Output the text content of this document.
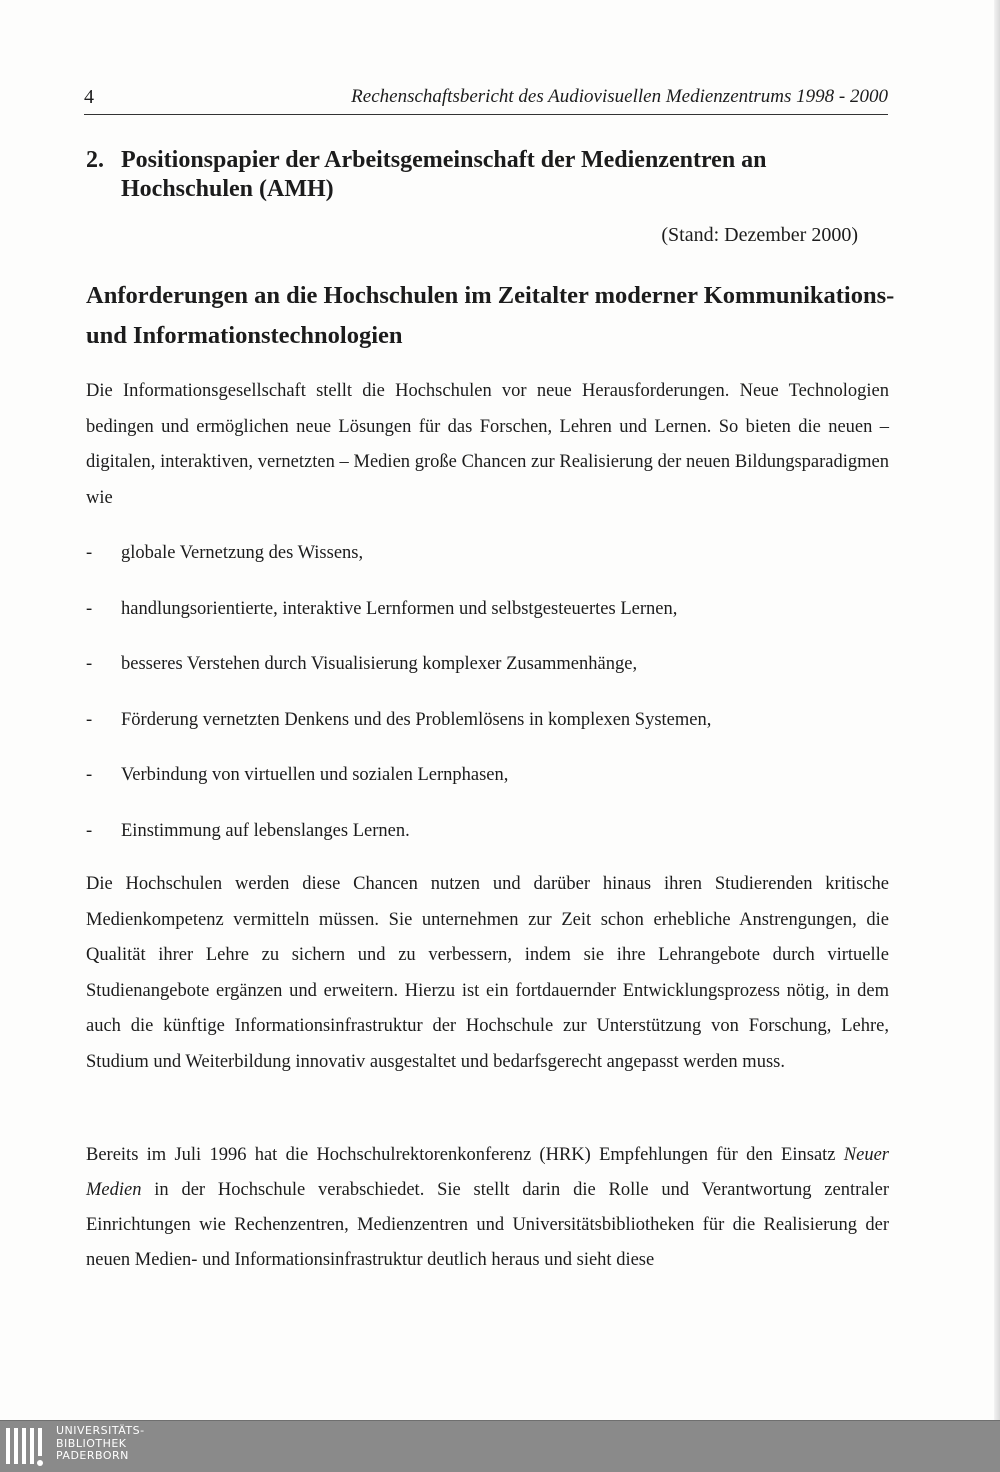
4	Rechenschaftsbericht des Audiovisuellen Medienzentrums 1998 - 2000
2. Positionspapier der Arbeitsgemeinschaft der Medienzentren an
Hochschulen (AMH)
(Stand: Dezember 2000)
Anforderungen an die Hochschulen im Zeitalter moderner Kommunikations-
und Informationstechnologien

Die Informationsgesellschaft stellt die Hochschulen vor neue Herausforderungen. Neue Technologien bedingen und ermöglichen neue Lösungen für das Forschen, Lehren und Lernen. So bieten die neuen – digitalen, interaktiven, vernetzten – Medien große Chancen zur Realisierung der neuen Bildungsparadigmen wie

- globale Vernetzung des Wissens,
- handlungsorientierte, interaktive Lernformen und selbstgesteuertes Lernen,
- besseres Verstehen durch Visualisierung komplexer Zusammenhänge,
- Förderung vernetzten Denkens und des Problemlösens in komplexen Systemen,
- Verbindung von virtuellen und sozialen Lernphasen,
- Einstimmung auf lebenslanges Lernen.

Die Hochschulen werden diese Chancen nutzen und darüber hinaus ihren Studierenden kritische Medienkompetenz vermitteln müssen. Sie unternehmen zur Zeit schon erhebliche Anstrengungen, die Qualität ihrer Lehre zu sichern und zu verbessern, indem sie ihre Lehrangebote durch virtuelle Studienangebote ergänzen und erweitern. Hierzu ist ein fortdauernder Entwicklungsprozess nötig, in dem auch die künftige Informationsinfrastruktur der Hochschule zur Unterstützung von Forschung, Lehre, Studium und Weiterbildung innovativ ausgestaltet und bedarfsgerecht angepasst werden muss.

Bereits im Juli 1996 hat die Hochschulrektorenkonferenz (HRK) Empfehlungen für den Einsatz Neuer Medien in der Hochschule verabschiedet. Sie stellt darin die Rolle und Verantwortung zentraler Einrichtungen wie Rechenzentren, Medienzentren und Universitätsbibliotheken für die Realisierung der neuen Medien- und Informationsinfrastruktur deutlich heraus und sieht diese

UNIVERSITÄTS-
BIBLIOTHEK
PADERBORN
